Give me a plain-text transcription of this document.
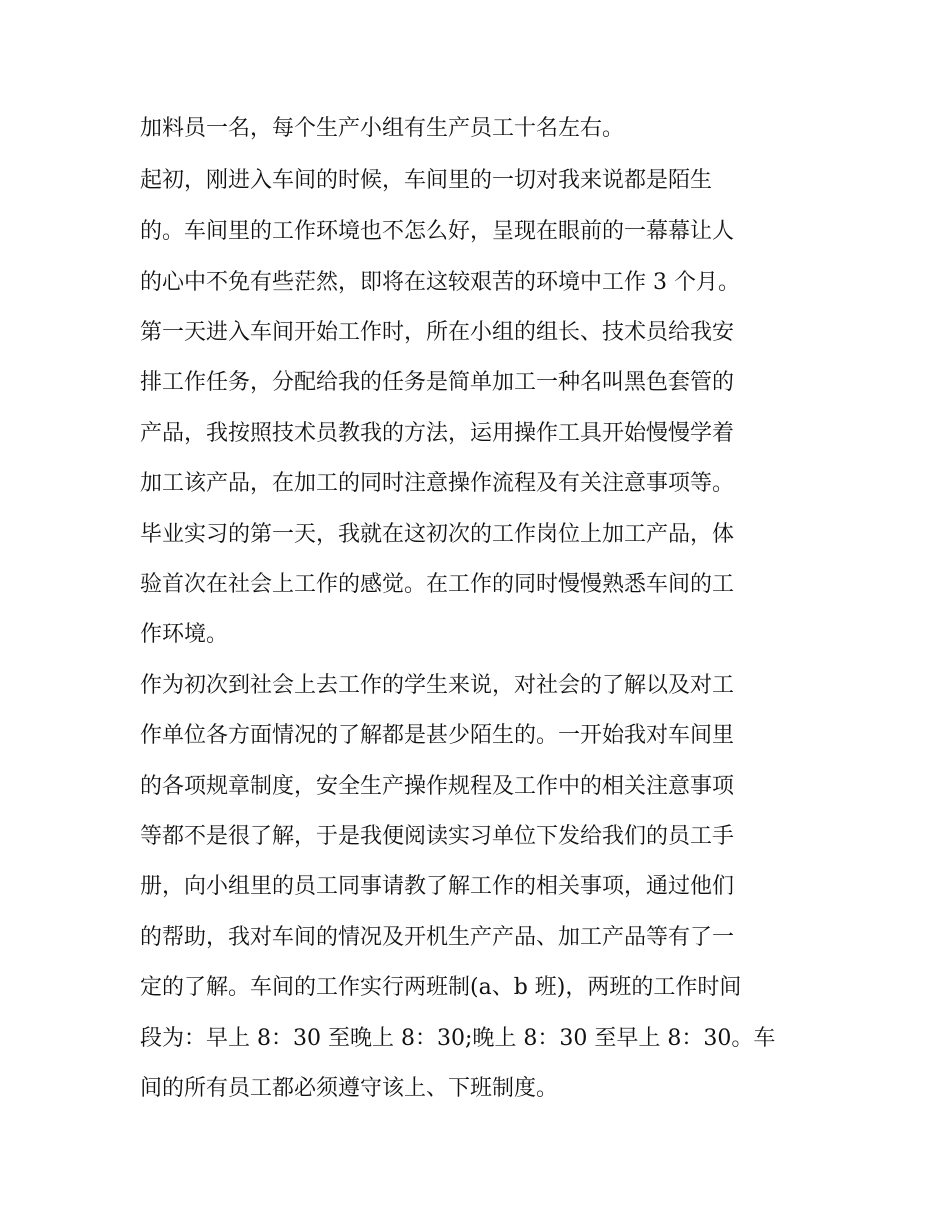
加料员一名，每个生产小组有生产员工十名左右。
起初，刚进入车间的时候，车间里的一切对我来说都是陌生
的。车间里的工作环境也不怎么好，呈现在眼前的一幕幕让人
的心中不免有些茫然，即将在这较艰苦的环境中工作 3 个月。
第一天进入车间开始工作时，所在小组的组长、技术员给我安
排工作任务，分配给我的任务是简单加工一种名叫黑色套管的
产品，我按照技术员教我的方法，运用操作工具开始慢慢学着
加工该产品，在加工的同时注意操作流程及有关注意事项等。
毕业实习的第一天，我就在这初次的工作岗位上加工产品，体
验首次在社会上工作的感觉。在工作的同时慢慢熟悉车间的工
作环境。
作为初次到社会上去工作的学生来说，对社会的了解以及对工
作单位各方面情况的了解都是甚少陌生的。一开始我对车间里
的各项规章制度，安全生产操作规程及工作中的相关注意事项
等都不是很了解，于是我便阅读实习单位下发给我们的员工手
册，向小组里的员工同事请教了解工作的相关事项，通过他们
的帮助，我对车间的情况及开机生产产品、加工产品等有了一
定的了解。车间的工作实行两班制(a、b 班)，两班的工作时间
段为：早上 8：30 至晚上 8：30;晚上 8：30 至早上 8：30。车
间的所有员工都必须遵守该上、下班制度。
